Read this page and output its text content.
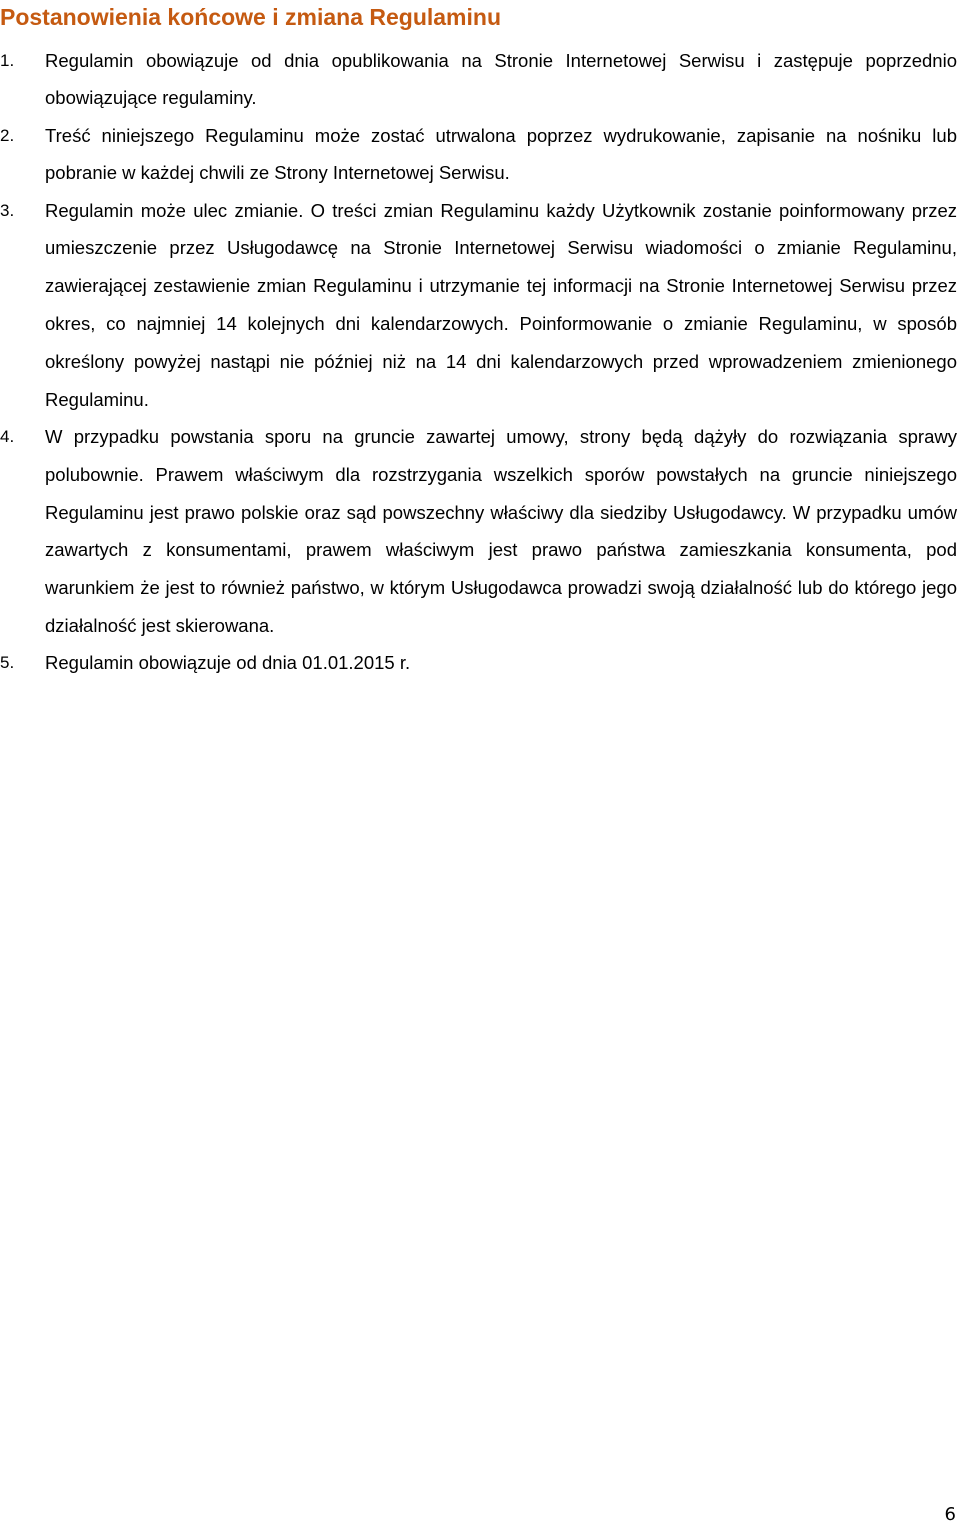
Postanowienia końcowe i zmiana Regulaminu
1.	Regulamin obowiązuje od dnia opublikowania na Stronie Internetowej Serwisu i zastępuje poprzednio obowiązujące regulaminy.
2.	Treść niniejszego Regulaminu może zostać utrwalona poprzez wydrukowanie, zapisanie na nośniku lub pobranie w każdej chwili ze Strony Internetowej Serwisu.
3.	Regulamin może ulec zmianie. O treści zmian Regulaminu każdy Użytkownik zostanie poinformowany przez umieszczenie przez Usługodawcę na Stronie Internetowej Serwisu wiadomości o zmianie Regulaminu, zawierającej zestawienie zmian Regulaminu i utrzymanie tej informacji na Stronie Internetowej Serwisu przez okres, co najmniej 14 kolejnych dni kalendarzowych. Poinformowanie o zmianie Regulaminu, w sposób określony powyżej nastąpi nie później niż na 14 dni kalendarzowych przed wprowadzeniem zmienionego Regulaminu.
4.	W przypadku powstania sporu na gruncie zawartej umowy, strony będą dążyły do rozwiązania sprawy polubownie. Prawem właściwym dla rozstrzygania wszelkich sporów powstałych na gruncie niniejszego Regulaminu jest prawo polskie oraz sąd powszechny właściwy dla siedziby Usługodawcy. W przypadku umów zawartych z konsumentami, prawem właściwym jest prawo państwa zamieszkania konsumenta, pod warunkiem że jest to również państwo, w którym Usługodawca prowadzi swoją działalność lub do którego jego działalność jest skierowana.
5.	Regulamin obowiązuje od dnia 01.01.2015 r.
6
